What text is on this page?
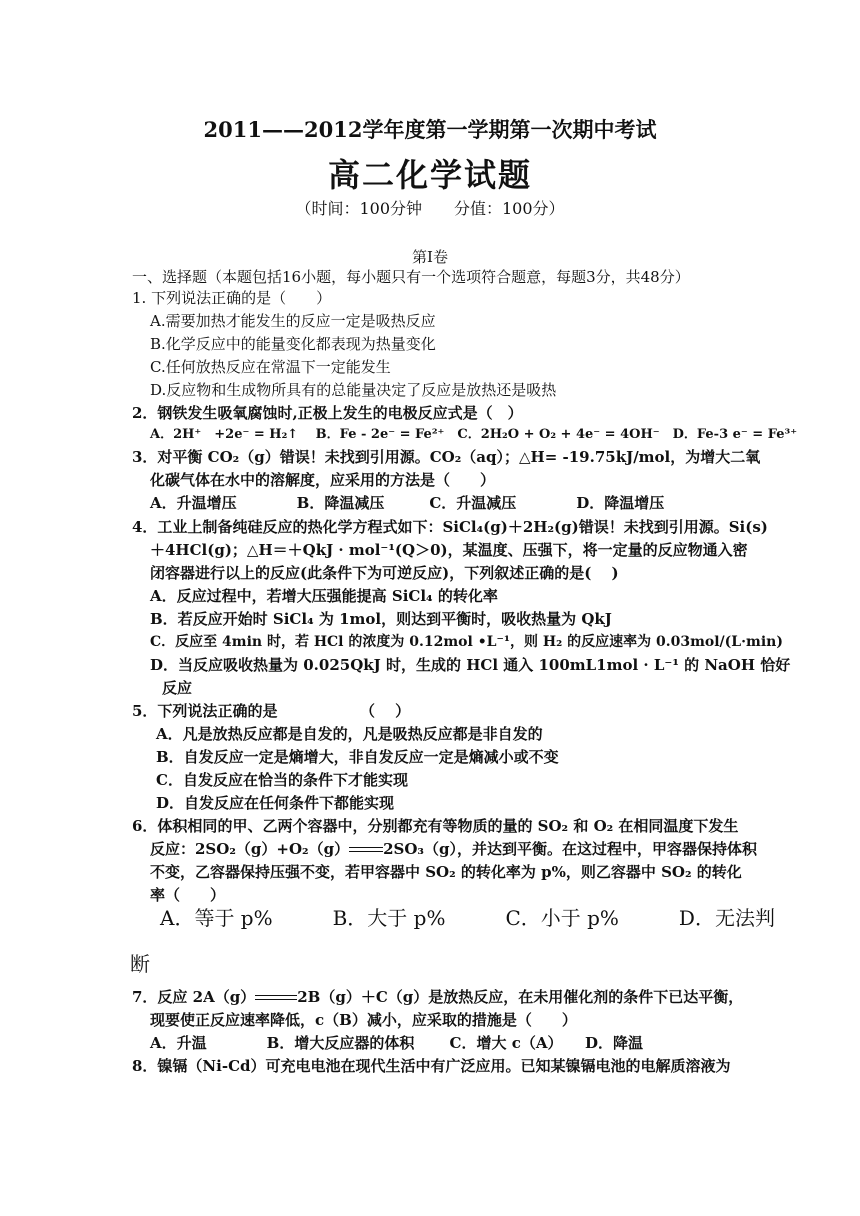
2011——2012学年度第一学期第一次期中考试
高二化学试题
（时间：100分钟　　分值：100分）
第Ⅰ卷
一、选择题（本题包括16小题，每小题只有一个选项符合题意，每题3分，共48分）
1. 下列说法正确的是（　　）
A.需要加热才能发生的反应一定是吸热反应
B.化学反应中的能量变化都表现为热量变化
C.任何放热反应在常温下一定能发生
D.反应物和生成物所具有的总能量决定了反应是放热还是吸热
2．钢铁发生吸氧腐蚀时,正极上发生的电极反应式是（　）
A．2H⁺　+2e⁻ = H₂↑　 B．Fe - 2e⁻ = Fe²⁺　C．2H₂O + O₂ + 4e⁻ = 4OH⁻　D．Fe-3 e⁻ = Fe³⁺
3．对平衡 CO₂（g）错误！未找到引用源。CO₂（aq）；△H= -19.75kJ/mol，为增大二氧
化碳气体在水中的溶解度，应采用的方法是（　　）
A．升温增压　　　　B．降温减压　　　C．升温减压　　　　D．降温增压
4．工业上制备纯硅反应的热化学方程式如下：SiCl₄(g)＋2H₂(g)错误！未找到引用源。Si(s)
＋4HCl(g)；△H＝＋QkJ · mol⁻¹(Q＞0)，某温度、压强下，将一定量的反应物通入密
闭容器进行以上的反应(此条件下为可逆反应)，下列叙述正确的是(　 )
A．反应过程中，若增大压强能提高 SiCl₄ 的转化率
B．若反应开始时 SiCl₄ 为 1mol，则达到平衡时，吸收热量为 QkJ
C．反应至 4min 时，若 HCl 的浓度为 0.12mol •L⁻¹，则 H₂ 的反应速率为 0.03mol/(L·min)
D．当反应吸收热量为 0.025QkJ 时，生成的 HCl 通入 100mL1mol · L⁻¹ 的 NaOH 恰好
反应
5．下列说法正确的是　　　　　　（　 ）
A．凡是放热反应都是自发的，凡是吸热反应都是非自发的
B．自发反应一定是熵增大，非自发反应一定是熵减小或不变
C．自发反应在恰当的条件下才能实现
D．自发反应在任何条件下都能实现
6．体积相同的甲、乙两个容器中，分别都充有等物质的量的 SO₂ 和 O₂ 在相同温度下发生
反应：2SO₂（g）+O₂（g） 2SO₃（g），并达到平衡。在这过程中，甲容器保持体积
不变，乙容器保持压强不变，若甲容器中 SO₂ 的转化率为 p%，则乙容器中 SO₂ 的转化
率（　　）
A．等于 p%　　　B．大于 p%　　　C．小于 p%　　　D．无法判
断
7．反应 2A（g）	2B（g）＋C（g）是放热反应，在未用催化剂的条件下已达平衡，
现要使正反应速率降低，c（B）减小，应采取的措施是（　　）
A．升温　　　　B．增大反应器的体积　　 C．增大 c（A）　　D．降温
8．镍镉（Ni-Cd）可充电电池在现代生活中有广泛应用。已知某镍镉电池的电解质溶液为
